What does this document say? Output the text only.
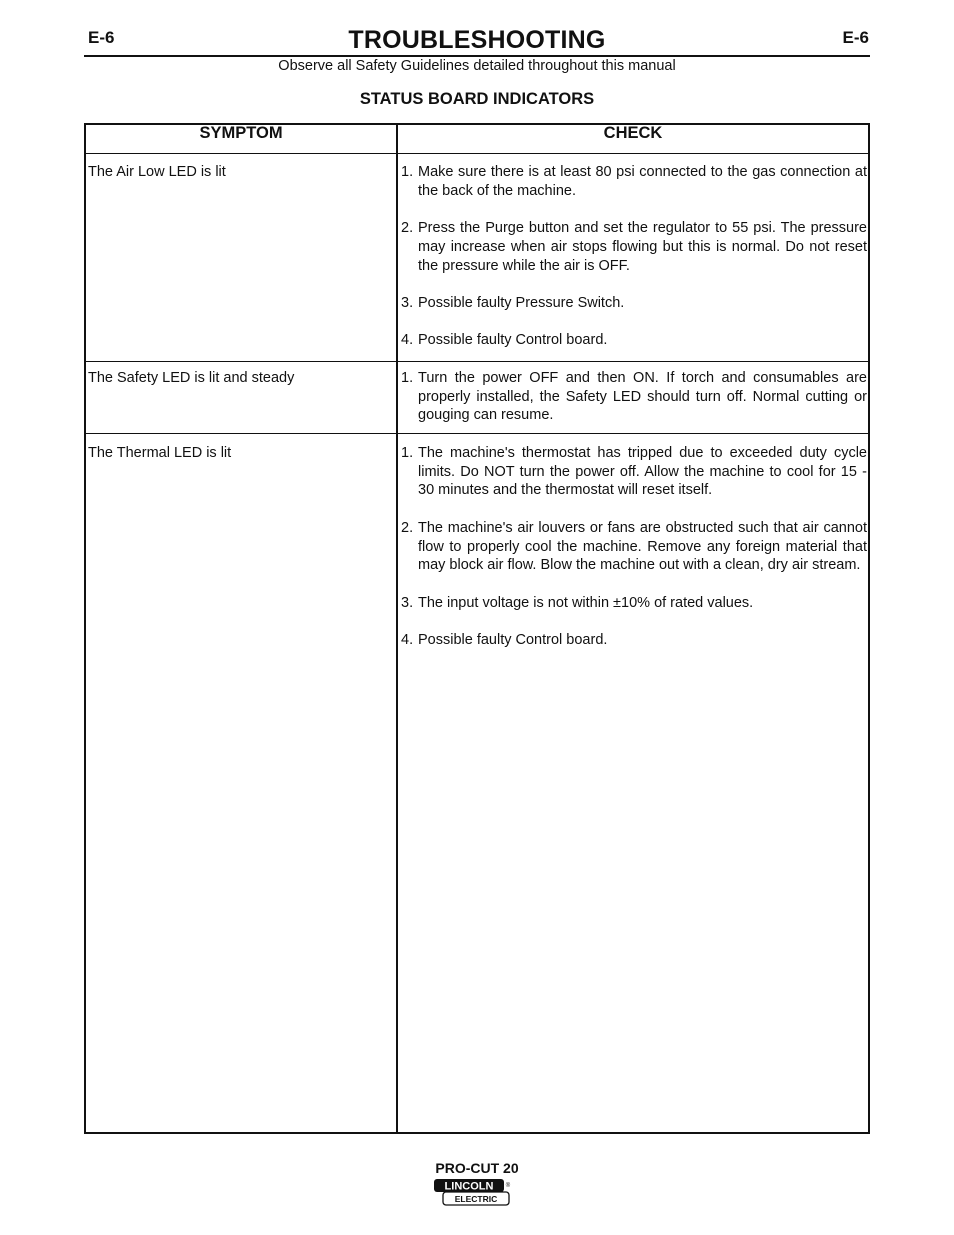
E-6	TROUBLESHOOTING	E-6
Observe all Safety Guidelines detailed throughout this manual
STATUS BOARD INDICATORS
SYMPTOM	CHECK
The Air Low LED is lit	1. Make sure there is at least 80 psi connected to the gas connection at the back of the machine.
2. Press the Purge button and set the regulator to 55 psi. The pressure may increase when air stops flowing but this is normal. Do not reset the pressure while the air is OFF.
3. Possible faulty Pressure Switch.
4. Possible faulty Control board.
The Safety LED is lit and steady	1. Turn the power OFF and then ON. If torch and consumables are properly installed, the Safety LED should turn off. Normal cutting or gouging can resume.
The Thermal LED is lit	1. The machine's thermostat has tripped due to exceeded duty cycle limits. Do NOT turn the power off. Allow the machine to cool for 15 - 30 minutes and the thermostat will reset itself.
2. The machine's air louvers or fans are obstructed such that air cannot flow to properly cool the machine. Remove any foreign material that may block air flow. Blow the machine out with a clean, dry air stream.
3. The input voltage is not within ±10% of rated values.
4. Possible faulty Control board.
PRO-CUT 20
LINCOLN ®
ELECTRIC
